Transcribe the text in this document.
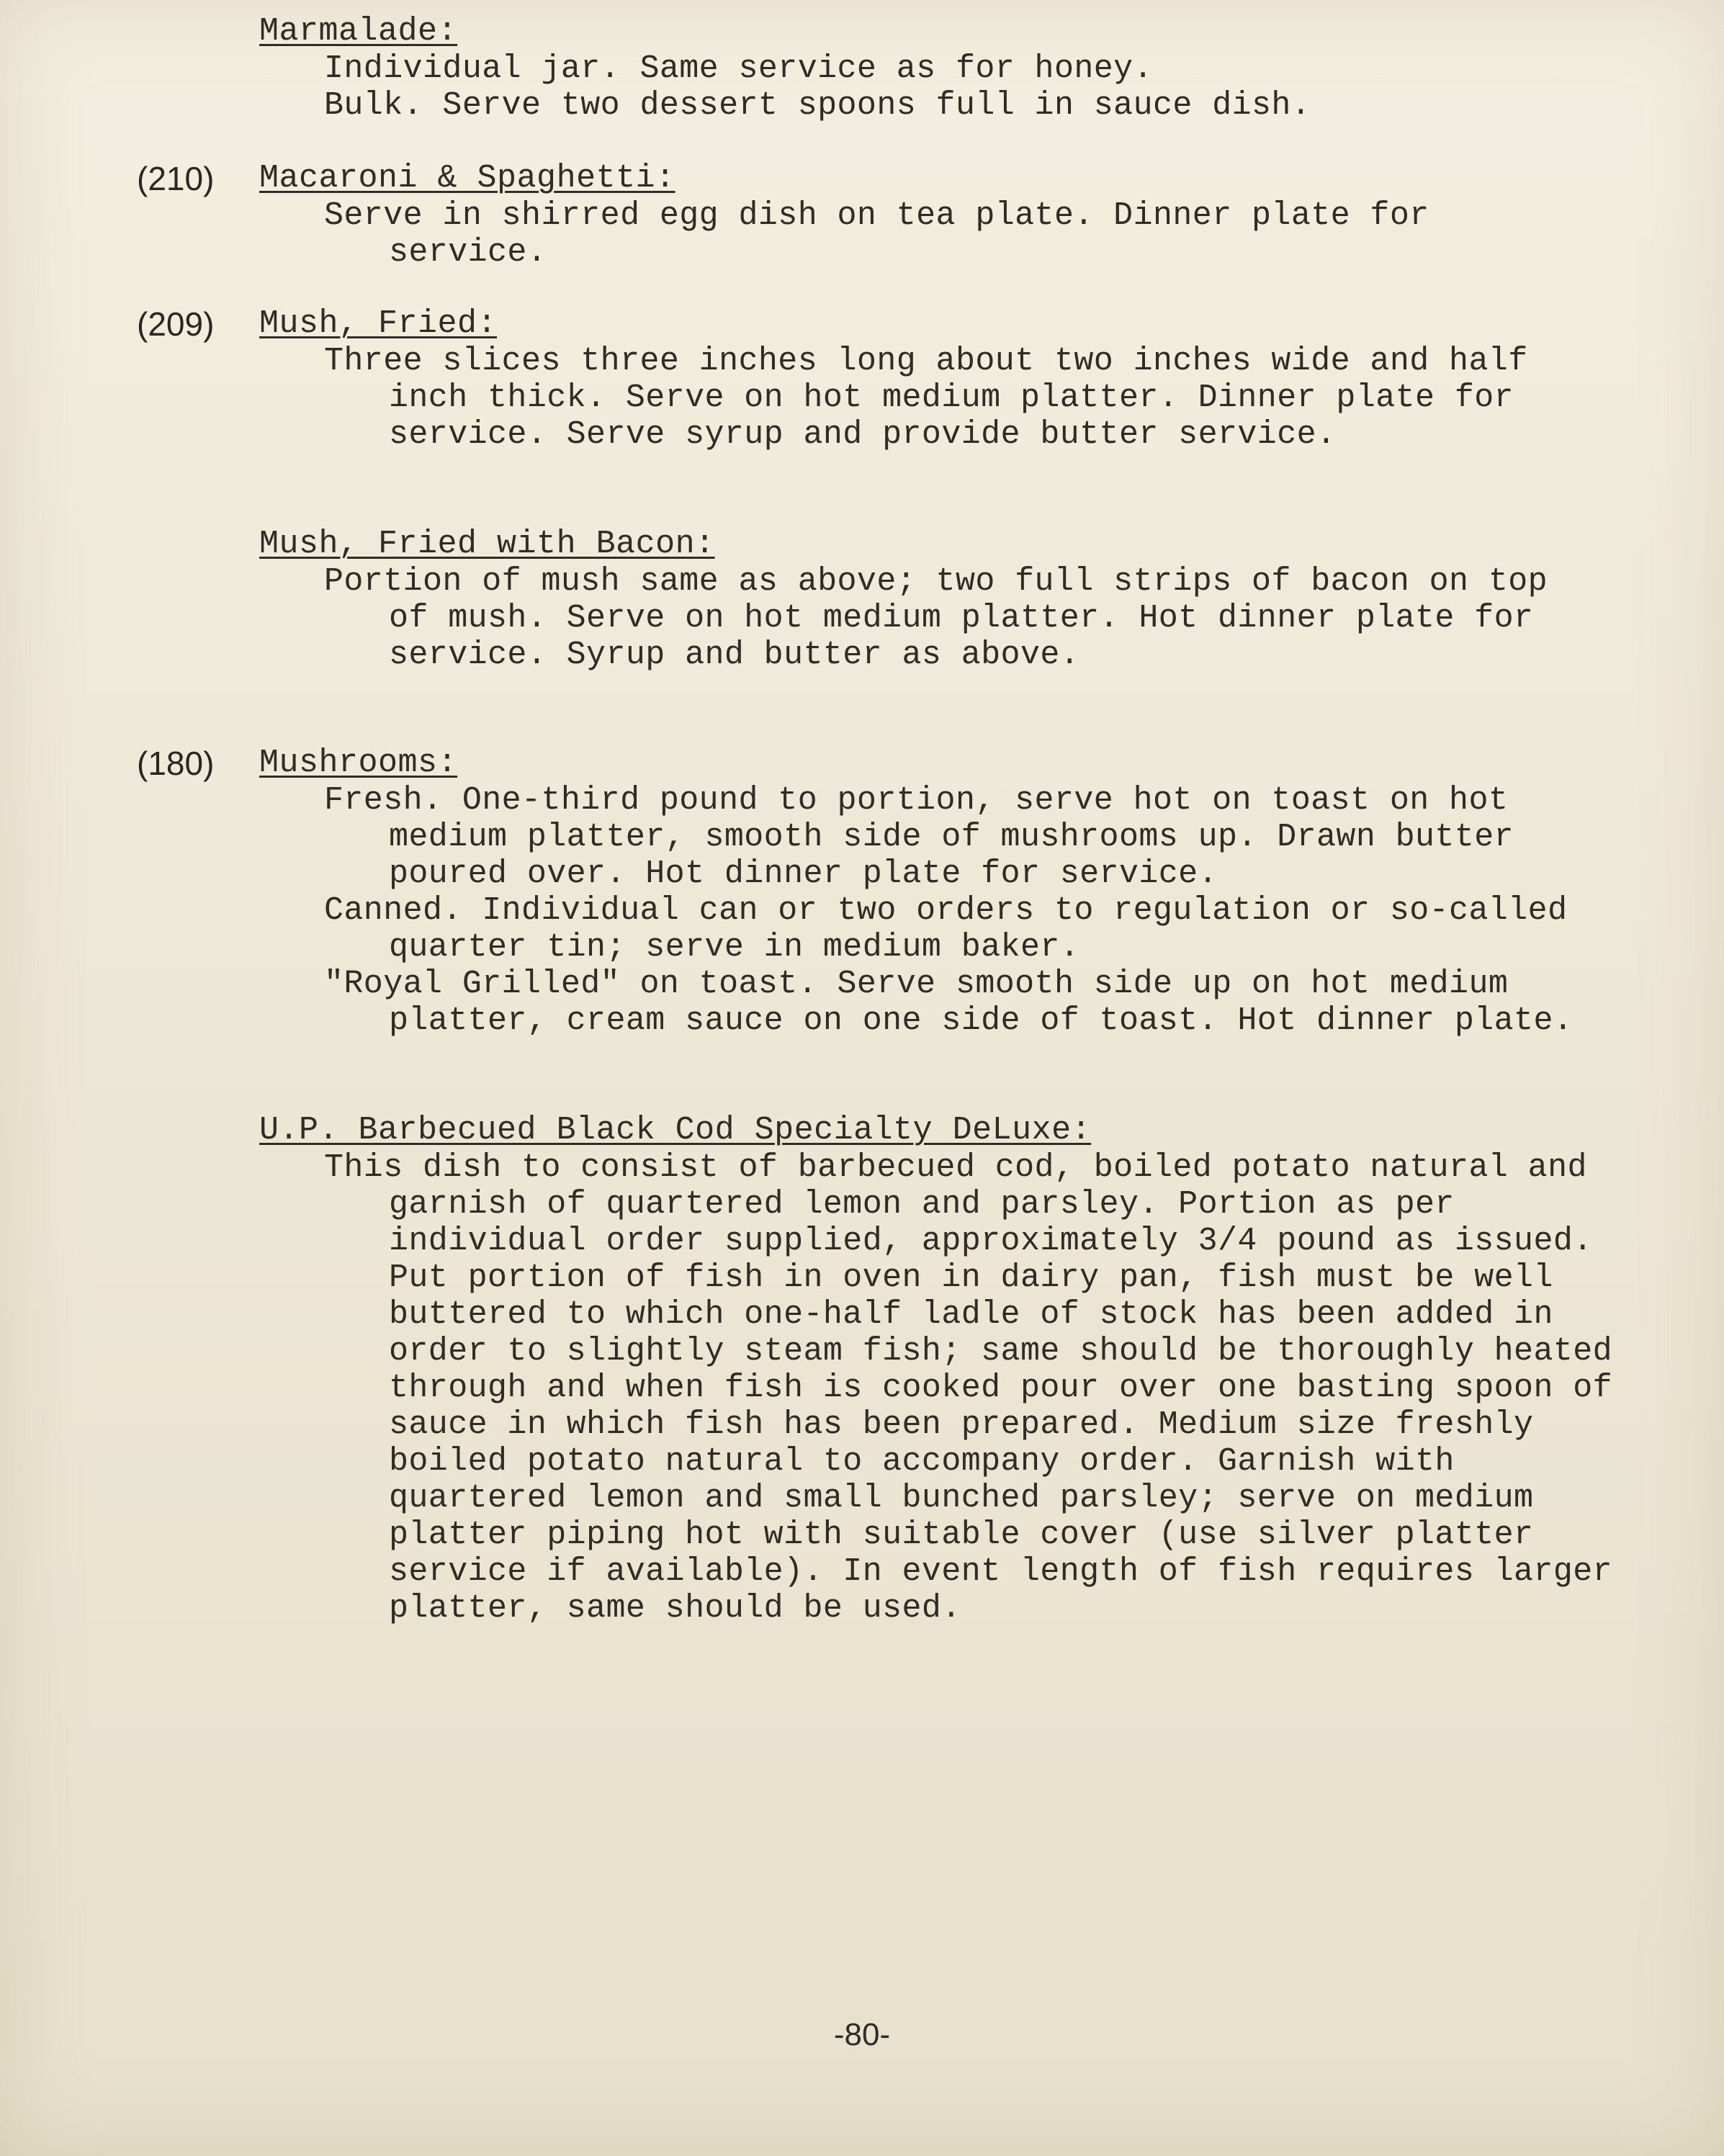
Marmalade:
Individual jar. Same service as for honey.
Bulk. Serve two dessert spoons full in sauce dish.
(210) Macaroni & Spaghetti:
Serve in shirred egg dish on tea plate. Dinner plate for service.
(209) Mush, Fried:
Three slices three inches long about two inches wide and half inch thick. Serve on hot medium platter. Dinner plate for service. Serve syrup and provide butter service.
Mush, Fried with Bacon:
Portion of mush same as above; two full strips of bacon on top of mush. Serve on hot medium platter. Hot dinner plate for service. Syrup and butter as above.
(180) Mushrooms:
Fresh. One-third pound to portion, serve hot on toast on hot medium platter, smooth side of mushrooms up. Drawn butter poured over. Hot dinner plate for service.
Canned. Individual can or two orders to regulation or so-called quarter tin; serve in medium baker.
"Royal Grilled" on toast. Serve smooth side up on hot medium platter, cream sauce on one side of toast. Hot dinner plate.
U.P. Barbecued Black Cod Specialty DeLuxe:
This dish to consist of barbecued cod, boiled potato natural and garnish of quartered lemon and parsley. Portion as per individual order supplied, approximately 3/4 pound as issued. Put portion of fish in oven in dairy pan, fish must be well buttered to which one-half ladle of stock has been added in order to slightly steam fish; same should be thoroughly heated through and when fish is cooked pour over one basting spoon of sauce in which fish has been prepared. Medium size freshly boiled potato natural to accompany order. Garnish with quartered lemon and small bunched parsley; serve on medium platter piping hot with suitable cover (use silver platter service if available). In event length of fish requires larger platter, same should be used.
-80-
